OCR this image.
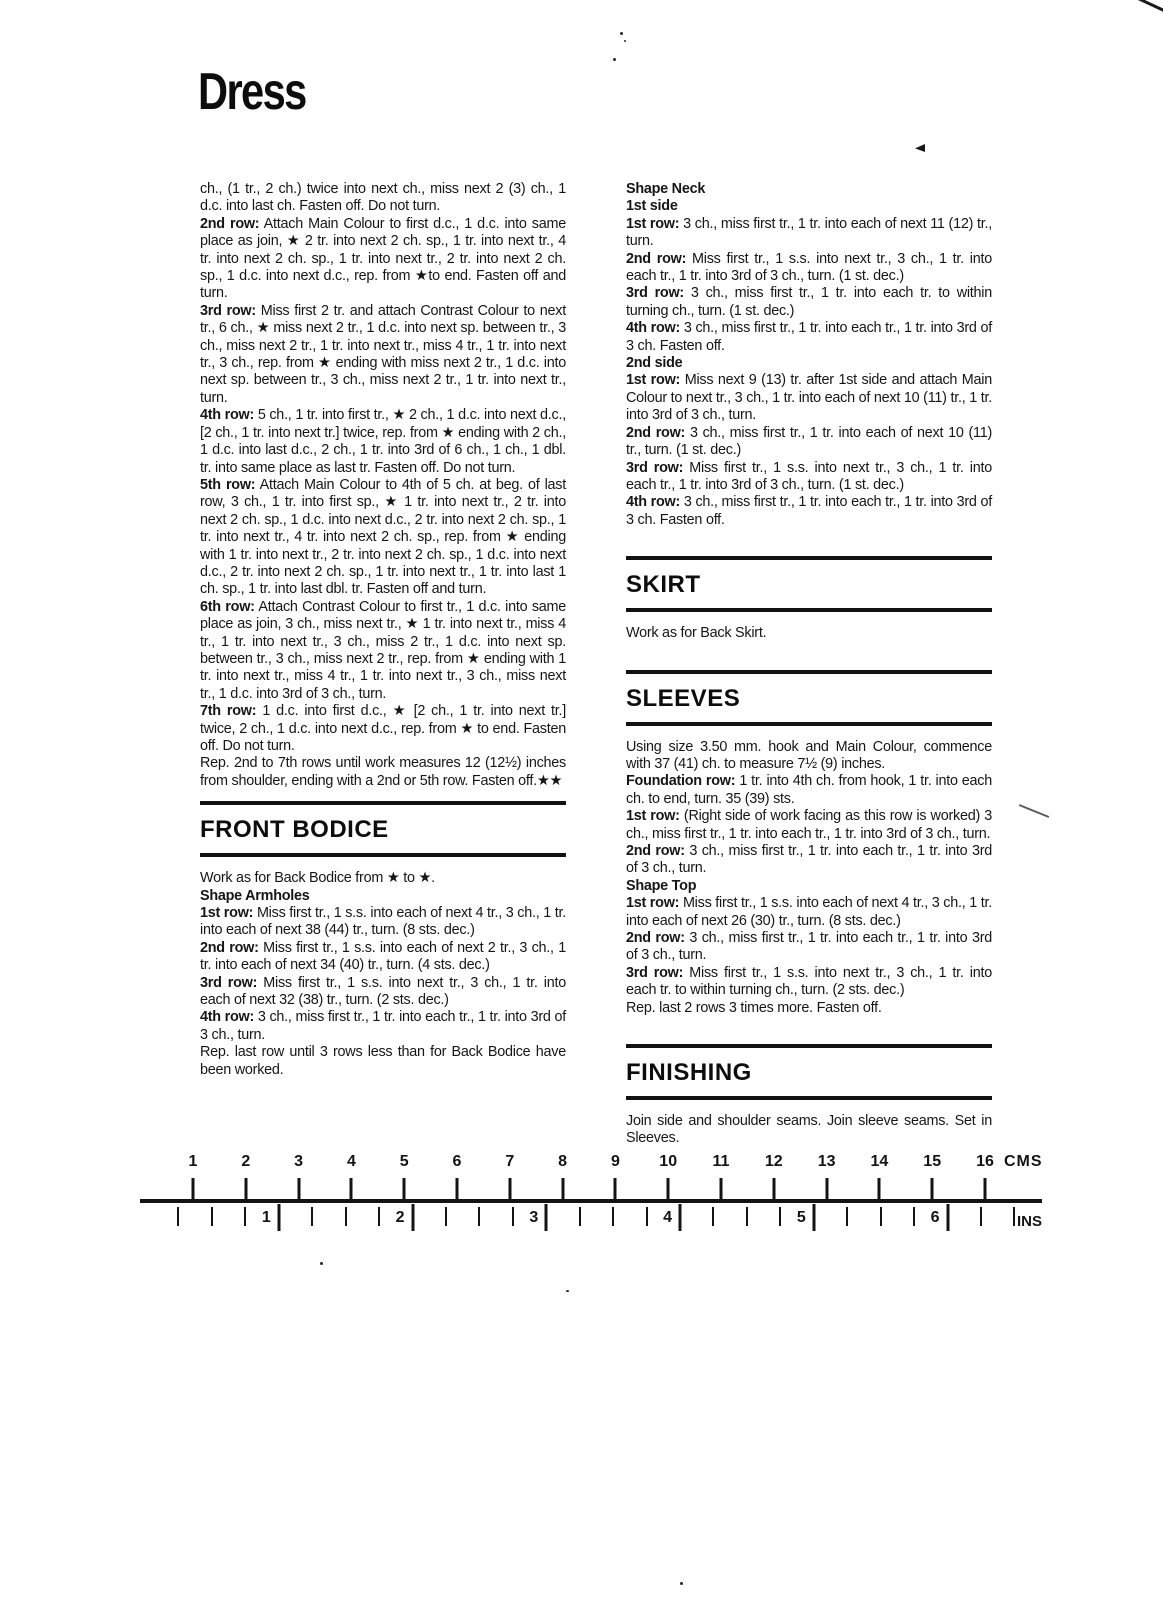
Dress

ch., (1 tr., 2 ch.) twice into next ch., miss next 2 (3) ch., 1 d.c. into last ch. Fasten off. Do not turn.

2nd row: Attach Main Colour to first d.c., 1 d.c. into same place as join, ★ 2 tr. into next 2 ch. sp., 1 tr. into next tr., 4 tr. into next 2 ch. sp., 1 tr. into next tr., 2 tr. into next 2 ch. sp., 1 d.c. into next d.c., rep. from ★to end. Fasten off and turn.

3rd row: Miss first 2 tr. and attach Contrast Colour to next tr., 6 ch., ★ miss next 2 tr., 1 d.c. into next sp. between tr., 3 ch., miss next 2 tr., 1 tr. into next tr., miss 4 tr., 1 tr. into next tr., 3 ch., rep. from ★ ending with miss next 2 tr., 1 d.c. into next sp. between tr., 3 ch., miss next 2 tr., 1 tr. into next tr., turn.

4th row: 5 ch., 1 tr. into first tr., ★ 2 ch., 1 d.c. into next d.c., [2 ch., 1 tr. into next tr.] twice, rep. from ★ ending with 2 ch., 1 d.c. into last d.c., 2 ch., 1 tr. into 3rd of 6 ch., 1 ch., 1 dbl. tr. into same place as last tr. Fasten off. Do not turn.

5th row: Attach Main Colour to 4th of 5 ch. at beg. of last row, 3 ch., 1 tr. into first sp., ★ 1 tr. into next tr., 2 tr. into next 2 ch. sp., 1 d.c. into next d.c., 2 tr. into next 2 ch. sp., 1 tr. into next tr., 4 tr. into next 2 ch. sp., rep. from ★ ending with 1 tr. into next tr., 2 tr. into next 2 ch. sp., 1 d.c. into next d.c., 2 tr. into next 2 ch. sp., 1 tr. into next tr., 1 tr. into last 1 ch. sp., 1 tr. into last dbl. tr. Fasten off and turn.

6th row: Attach Contrast Colour to first tr., 1 d.c. into same place as join, 3 ch., miss next tr., ★ 1 tr. into next tr., miss 4 tr., 1 tr. into next tr., 3 ch., miss 2 tr., 1 d.c. into next sp. between tr., 3 ch., miss next 2 tr., rep. from ★ ending with 1 tr. into next tr., miss 4 tr., 1 tr. into next tr., 3 ch., miss next tr., 1 d.c. into 3rd of 3 ch., turn.

7th row: 1 d.c. into first d.c., ★ [2 ch., 1 tr. into next tr.] twice, 2 ch., 1 d.c. into next d.c., rep. from ★ to end. Fasten off. Do not turn.

Rep. 2nd to 7th rows until work measures 12 (12½) inches from shoulder, ending with a 2nd or 5th row. Fasten off.★★

FRONT BODICE

Work as for Back Bodice from ★ to ★.

Shape Armholes

1st row: Miss first tr., 1 s.s. into each of next 4 tr., 3 ch., 1 tr. into each of next 38 (44) tr., turn. (8 sts. dec.)

2nd row: Miss first tr., 1 s.s. into each of next 2 tr., 3 ch., 1 tr. into each of next 34 (40) tr., turn. (4 sts. dec.)

3rd row: Miss first tr., 1 s.s. into next tr., 3 ch., 1 tr. into each of next 32 (38) tr., turn. (2 sts. dec.)

4th row: 3 ch., miss first tr., 1 tr. into each tr., 1 tr. into 3rd of 3 ch., turn.

Rep. last row until 3 rows less than for Back Bodice have been worked.

Shape Neck

1st side

1st row: 3 ch., miss first tr., 1 tr. into each of next 11 (12) tr., turn.

2nd row: Miss first tr., 1 s.s. into next tr., 3 ch., 1 tr. into each tr., 1 tr. into 3rd of 3 ch., turn. (1 st. dec.)

3rd row: 3 ch., miss first tr., 1 tr. into each tr. to within turning ch., turn. (1 st. dec.)

4th row: 3 ch., miss first tr., 1 tr. into each tr., 1 tr. into 3rd of 3 ch. Fasten off.

2nd side

1st row: Miss next 9 (13) tr. after 1st side and attach Main Colour to next tr., 3 ch., 1 tr. into each of next 10 (11) tr., 1 tr. into 3rd of 3 ch., turn.

2nd row: 3 ch., miss first tr., 1 tr. into each of next 10 (11) tr., turn. (1 st. dec.)

3rd row: Miss first tr., 1 s.s. into next tr., 3 ch., 1 tr. into each tr., 1 tr. into 3rd of 3 ch., turn. (1 st. dec.)

4th row: 3 ch., miss first tr., 1 tr. into each tr., 1 tr. into 3rd of 3 ch. Fasten off.

SKIRT

Work as for Back Skirt.

SLEEVES

Using size 3.50 mm. hook and Main Colour, commence with 37 (41) ch. to measure 7½ (9) inches.

Foundation row: 1 tr. into 4th ch. from hook, 1 tr. into each ch. to end, turn. 35 (39) sts.

1st row: (Right side of work facing as this row is worked) 3 ch., miss first tr., 1 tr. into each tr., 1 tr. into 3rd of 3 ch., turn.

2nd row: 3 ch., miss first tr., 1 tr. into each tr., 1 tr. into 3rd of 3 ch., turn.

Shape Top

1st row: Miss first tr., 1 s.s. into each of next 4 tr., 3 ch., 1 tr. into each of next 26 (30) tr., turn. (8 sts. dec.)

2nd row: 3 ch., miss first tr., 1 tr. into each tr., 1 tr. into 3rd of 3 ch., turn.

3rd row: Miss first tr., 1 s.s. into next tr., 3 ch., 1 tr. into each tr. to within turning ch., turn. (2 sts. dec.)

Rep. last 2 rows 3 times more. Fasten off.

FINISHING

Join side and shoulder seams. Join sleeve seams. Set in Sleeves.

CMS
INS
1	2	3	4	5	6	7	8	9 10 11 12 13 14 15 16
1	2	3	4	5	6
